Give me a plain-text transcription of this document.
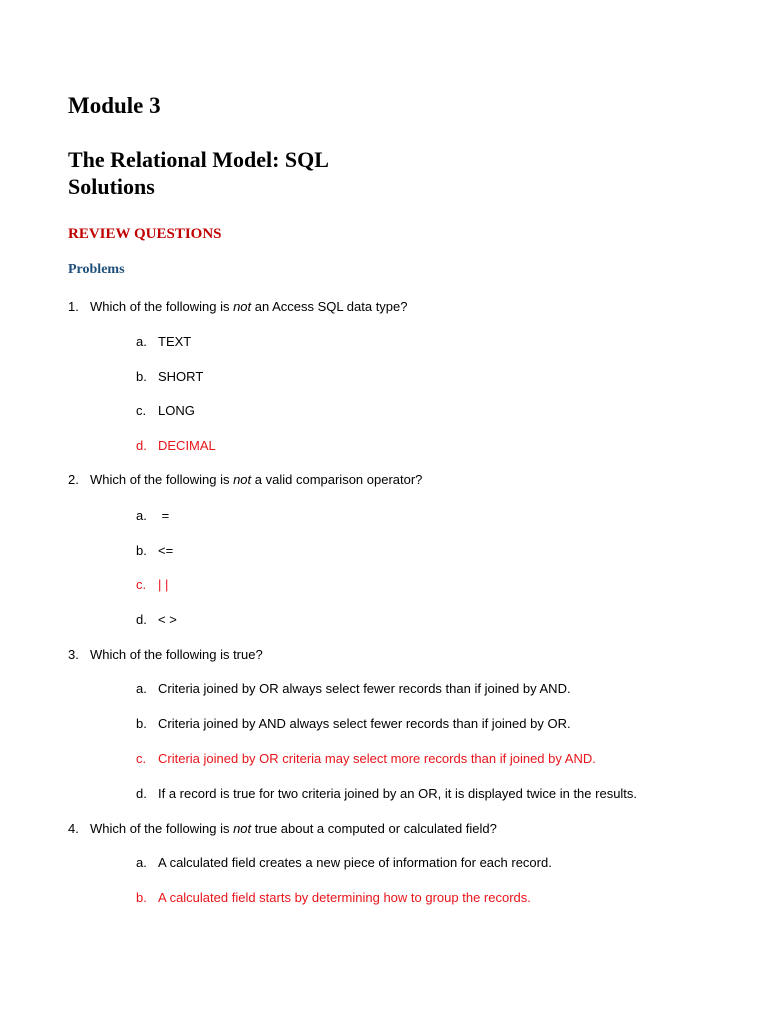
Module 3
The Relational Model: SQL
Solutions
REVIEW QUESTIONS
Problems
1. Which of the following is not an Access SQL data type?
a. TEXT
b. SHORT
c. LONG
d. DECIMAL
2. Which of the following is not a valid comparison operator?
a. =
b. <=
c. | |
d. < >
3. Which of the following is true?
a. Criteria joined by OR always select fewer records than if joined by AND.
b. Criteria joined by AND always select fewer records than if joined by OR.
c. Criteria joined by OR criteria may select more records than if joined by AND.
d. If a record is true for two criteria joined by an OR, it is displayed twice in the results.
4. Which of the following is not true about a computed or calculated field?
a. A calculated field creates a new piece of information for each record.
b. A calculated field starts by determining how to group the records.
